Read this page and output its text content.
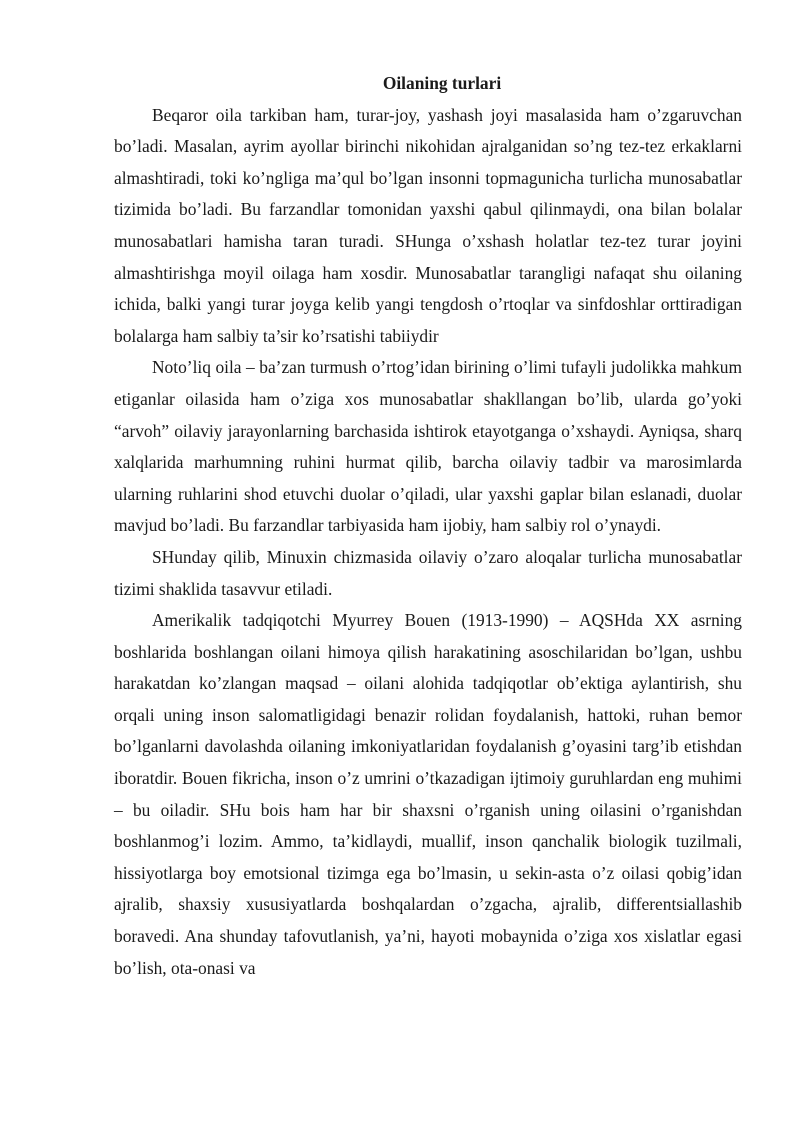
Oilaning turlari

Beqaror oila tarkiban ham, turar-joy, yashash joyi masalasida ham o’zgaruvchan bo’ladi. Masalan, ayrim ayollar birinchi nikohidan ajralganidan so’ng tez-tez erkaklarni almashtiradi, toki ko’ngliga ma’qul bo’lgan insonni topmagunicha turlicha munosabatlar tizimida bo’ladi. Bu farzandlar tomonidan yaxshi qabul qilinmaydi, ona bilan bolalar munosabatlari hamisha taran turadi. SHunga o’xshash holatlar tez-tez turar joyini almashtirishga moyil oilaga ham xosdir. Munosabatlar tarangligi nafaqat shu oilaning ichida, balki yangi turar joyga kelib yangi tengdosh o’rtoqlar va sinfdoshlar orttiradigan bolalarga ham salbiy ta’sir ko’rsatishi tabiiydir

Noto’liq oila – ba’zan turmush o’rtog’idan birining o’limi tufayli judolikka mahkum etiganlar oilasida ham o’ziga xos munosabatlar shakllangan bo’lib, ularda go’yoki “arvoh” oilaviy jarayonlarning barchasida ishtirok etayotganga o’xshaydi. Ayniqsa, sharq xalqlarida marhumning ruhini hurmat qilib, barcha oilaviy tadbir va marosimlarda ularning ruhlarini shod etuvchi duolar o’qiladi, ular yaxshi gaplar bilan eslanadi, duolar mavjud bo’ladi. Bu farzandlar tarbiyasida ham ijobiy, ham salbiy rol o’ynaydi.

SHunday qilib, Minuxin chizmasida oilaviy o’zaro aloqalar turlicha munosabatlar tizimi shaklida tasavvur etiladi.

Amerikalik tadqiqotchi Myurrey Bouen (1913-1990) – AQSHda XX asrning boshlarida boshlangan oilani himoya qilish harakatining asoschilaridan bo’lgan, ushbu harakatdan ko’zlangan maqsad – oilani alohida tadqiqotlar ob’ektiga aylantirish, shu orqali uning inson salomatligidagi benazir rolidan foydalanish, hattoki, ruhan bemor bo’lganlarni davolashda oilaning imkoniyatlaridan foydalanish g’oyasini targ’ib etishdan iboratdir. Bouen fikricha, inson o’z umrini o’tkazadigan ijtimoiy guruhlardan eng muhimi – bu oiladir. SHu bois ham har bir shaxsni o’rganish uning oilasini o’rganishdan boshlanmog’i lozim. Ammo, ta’kidlaydi, muallif, inson qanchalik biologik tuzilmali, hissiyotlarga boy emotsional tizimga ega bo’lmasin, u sekin-asta o’z oilasi qobig’idan ajralib, shaxsiy xususiyatlarda boshqalardan o’zgacha, ajralib, differentsiallashib boravedi. Ana shunday tafovutlanish, ya’ni, hayoti mobaynida o’ziga xos xislatlar egasi bo’lish, ota-onasi va
